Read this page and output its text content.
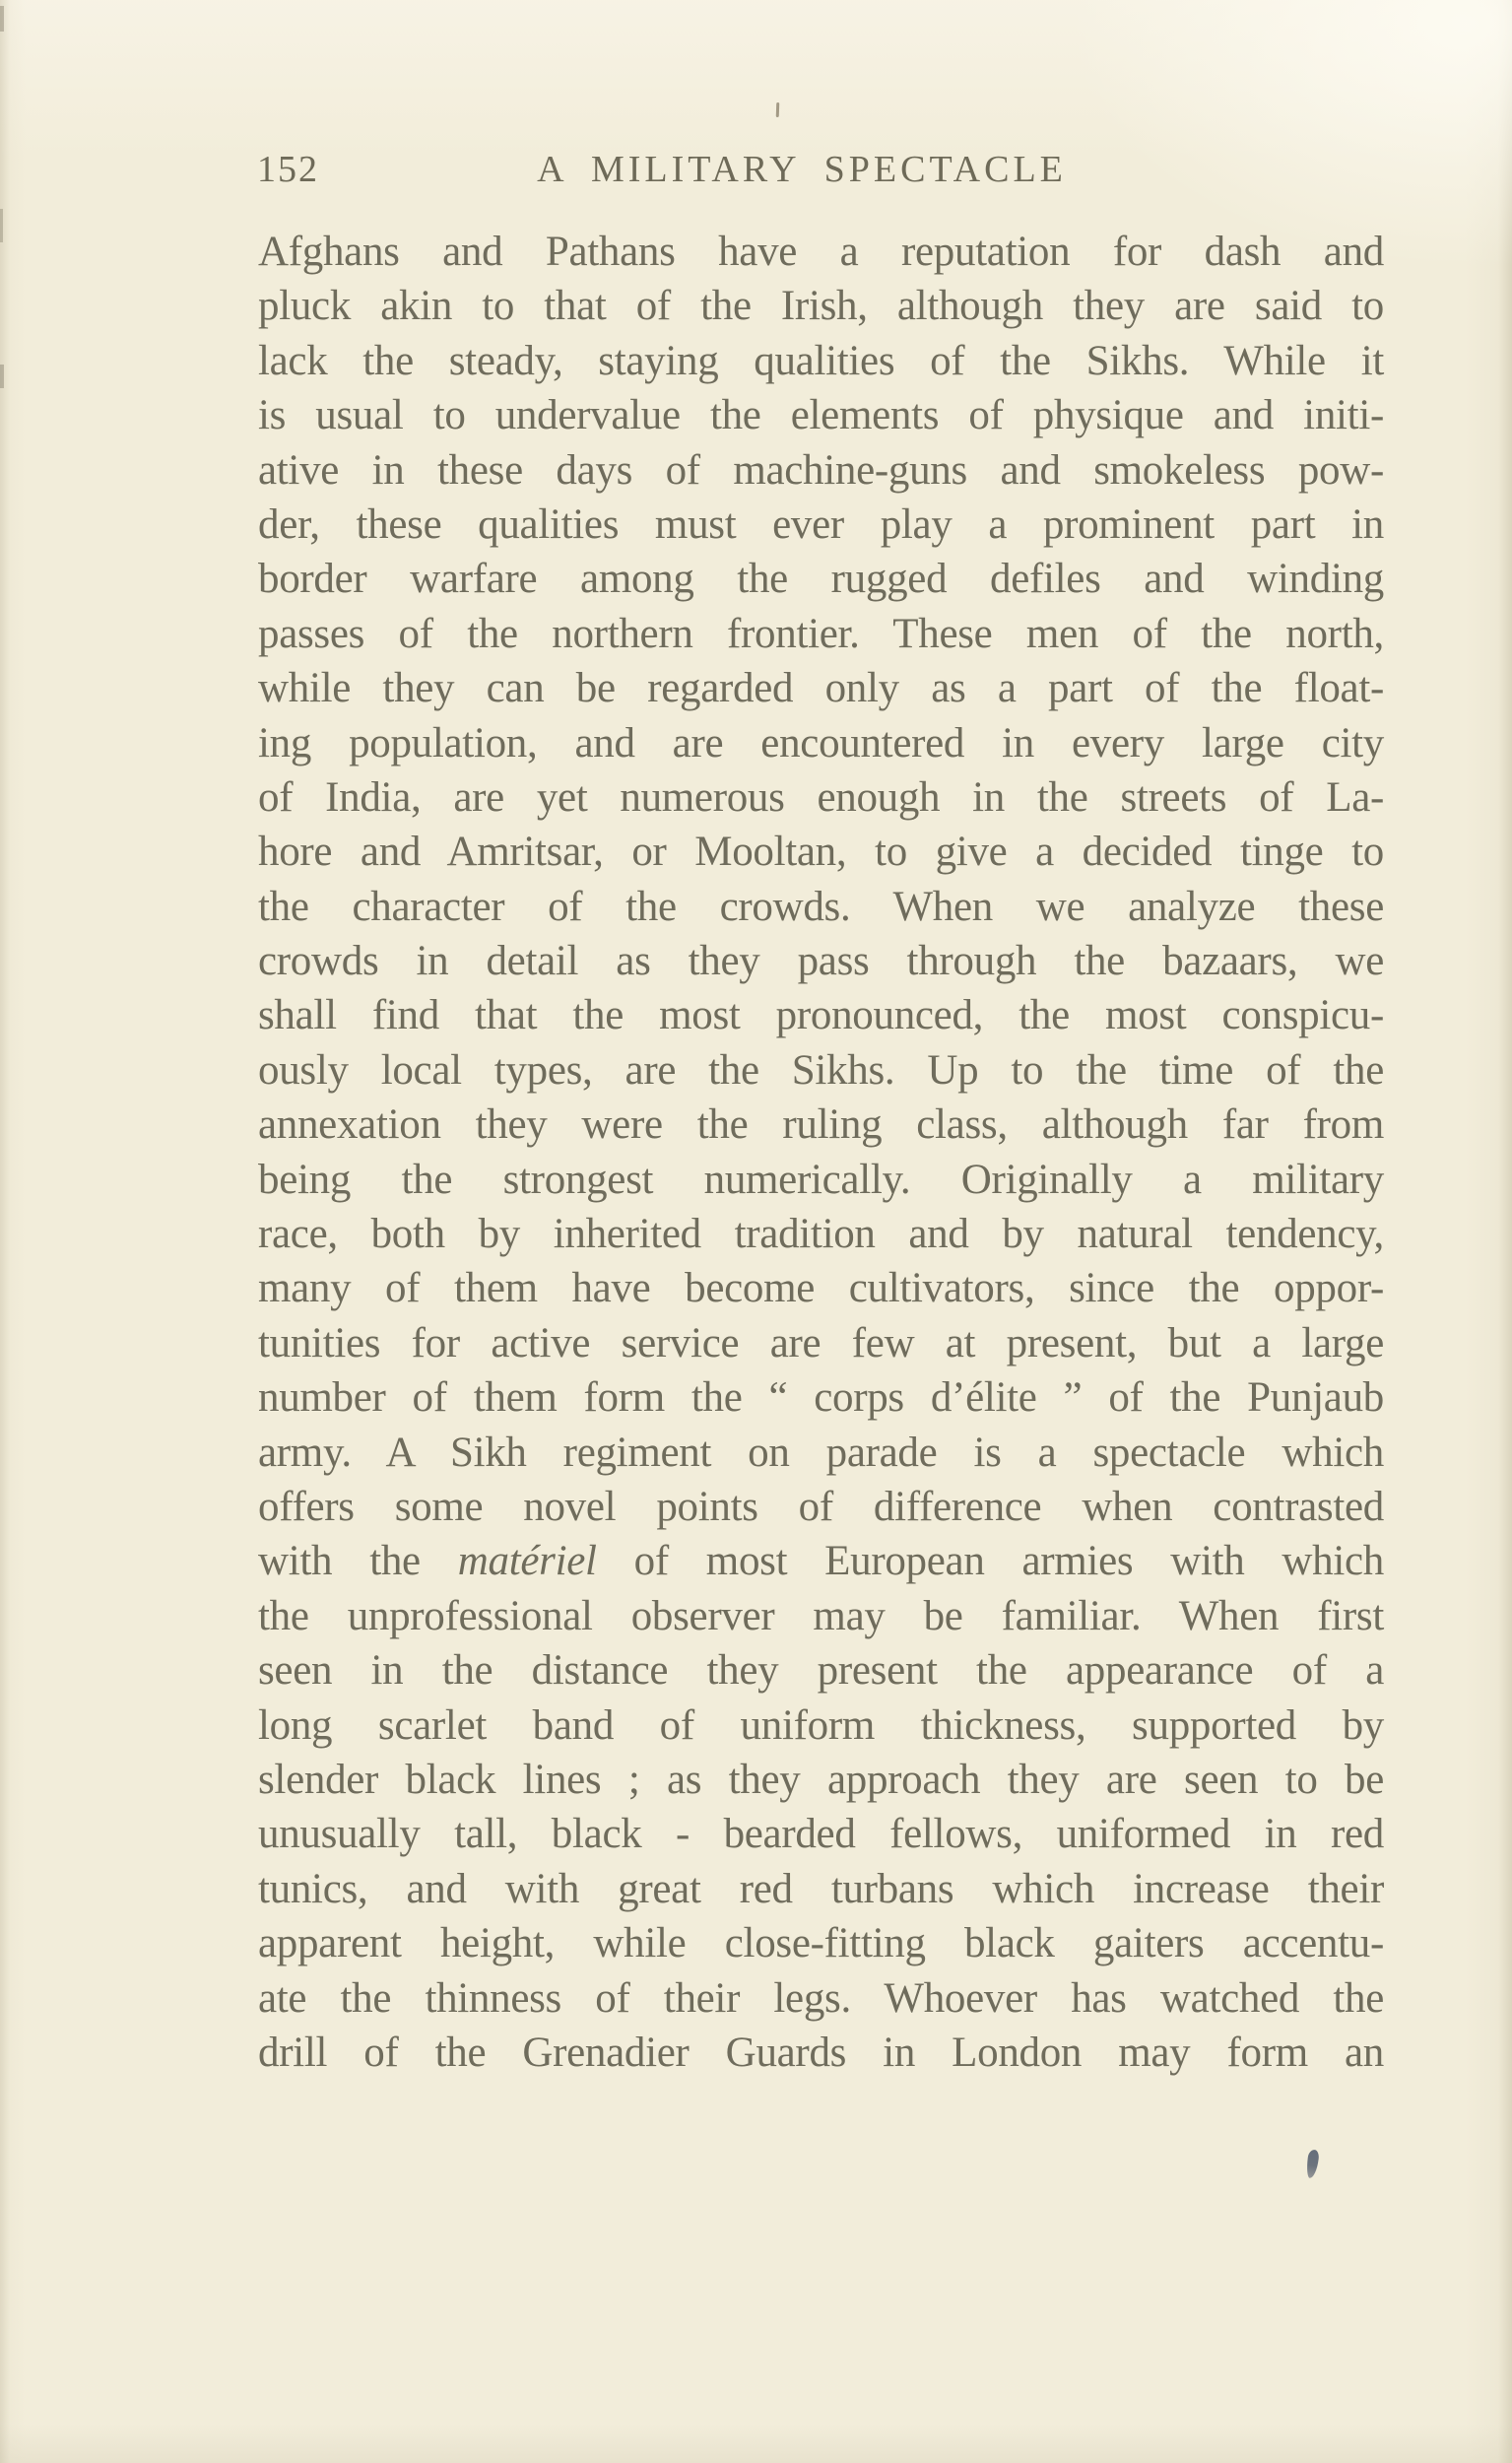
152	A MILITARY SPECTACLE
Afghans and Pathans have a reputation for dash and
pluck akin to that of the Irish, although they are said to
lack the steady, staying qualities of the Sikhs. While it
is usual to undervalue the elements of physique and initi-
ative in these days of machine-guns and smokeless pow-
der, these qualities must ever play a prominent part in
border warfare among the rugged defiles and winding
passes of the northern frontier. These men of the north,
while they can be regarded only as a part of the float-
ing population, and are encountered in every large city
of India, are yet numerous enough in the streets of La-
hore and Amritsar, or Mooltan, to give a decided tinge to
the character of the crowds. When we analyze these
crowds in detail as they pass through the bazaars, we
shall find that the most pronounced, the most conspicu-
ously local types, are the Sikhs. Up to the time of the
annexation they were the ruling class, although far from
being the strongest numerically. Originally a military
race, both by inherited tradition and by natural tendency,
many of them have become cultivators, since the oppor-
tunities for active service are few at present, but a large
number of them form the “ corps d’élite ” of the Punjaub
army. A Sikh regiment on parade is a spectacle which
offers some novel points of difference when contrasted
with the matériel of most European armies with which
the unprofessional observer may be familiar. When first
seen in the distance they present the appearance of a
long scarlet band of uniform thickness, supported by
slender black lines ; as they approach they are seen to be
unusually tall, black - bearded fellows, uniformed in red
tunics, and with great red turbans which increase their
apparent height, while close-fitting black gaiters accentu-
ate the thinness of their legs. Whoever has watched the
drill of the Grenadier Guards in London may form an
